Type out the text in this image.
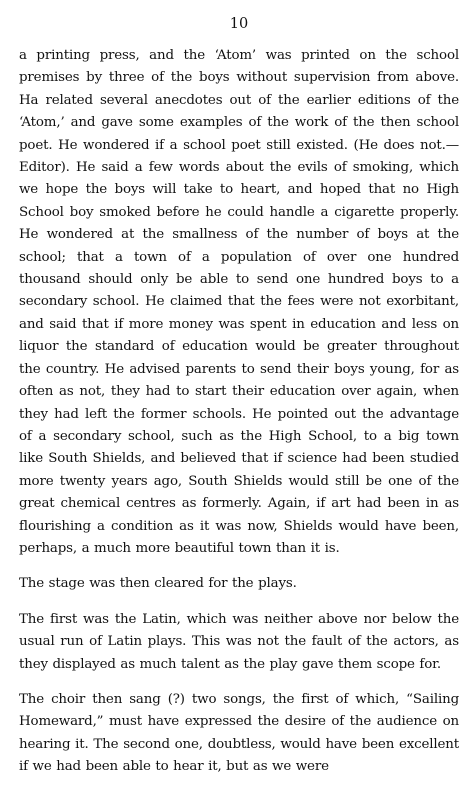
10

a printing press, and the ‘Atom’ was printed on the school premises by three of the boys without supervision from above. Ha related several anecdotes out of the earlier editions of the ‘Atom,’ and gave some examples of the work of the then school poet. He wondered if a school poet still existed. (He does not.—Editor). He said a few words about the evils of smoking, which we hope the boys will take to heart, and hoped that no High School boy smoked before he could handle a cigarette properly. He wondered at the smallness of the number of boys at the school; that a town of a population of over one hundred thousand should only be able to send one hundred boys to a secondary school. He claimed that the fees were not exorbitant, and said that if more money was spent in education and less on liquor the standard of education would be greater throughout the country. He advised parents to send their boys young, for as often as not, they had to start their education over again, when they had left the former schools. He pointed out the advantage of a secondary school, such as the High School, to a big town like South Shields, and believed that if science had been studied more twenty years ago, South Shields would still be one of the great chemical centres as formerly. Again, if art had been in as flourishing a condition as it was now, Shields would have been, perhaps, a much more beautiful town than it is.

The stage was then cleared for the plays.

The first was the Latin, which was neither above nor below the usual run of Latin plays. This was not the fault of the actors, as they displayed as much talent as the play gave them scope for.

The choir then sang (?) two songs, the first of which, “Sailing Homeward,” must have expressed the desire of the audience on hearing it. The second one, doubtless, would have been excellent if we had been able to hear it, but as we were
